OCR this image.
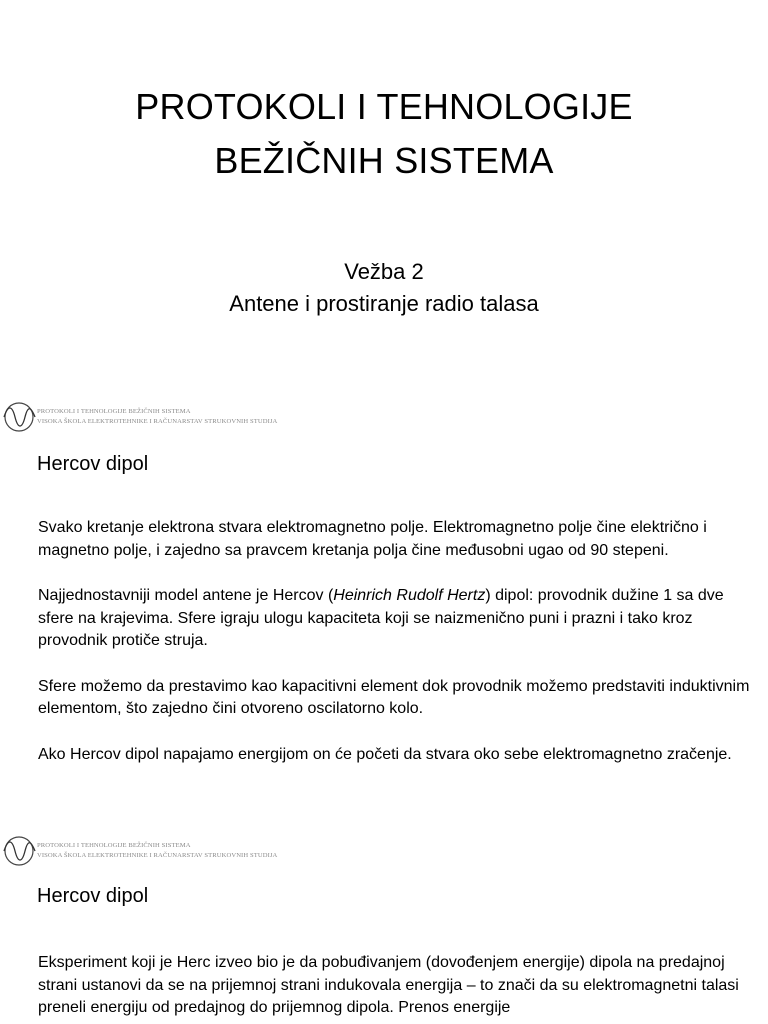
PROTOKOLI I TEHNOLOGIJE
BEŽIČNIH SISTEMA
Vežba 2
Antene i prostiranje radio talasa
PROTOKOLI I TEHNOLOGIJE BEŽIČNIH SISTEMA
VISOKA ŠKOLA ELEKTROTEHNIKE I RAČUNARSTAV STRUKOVNIH STUDIJA
Hercov dipol

Svako kretanje elektrona stvara elektromagnetno polje. Elektromagnetno polje čine električno i magnetno polje, i zajedno sa pravcem kretanja polja čine međusobni ugao od 90 stepeni.

Najjednostavniji model antene je Hercov (Heinrich Rudolf Hertz) dipol: provodnik dužine 1 sa dve sfere na krajevima. Sfere igraju ulogu kapaciteta koji se naizmenično puni i prazni i tako kroz provodnik protiče struja.

Sfere možemo da prestavimo kao kapacitivni element dok provodnik možemo predstaviti induktivnim elementom, što zajedno čini otvoreno oscilatorno kolo.

Ako Hercov dipol napajamo energijom on će početi da stvara oko sebe elektromagnetno zračenje.

PROTOKOLI I TEHNOLOGIJE BEŽIČNIH SISTEMA
VISOKA ŠKOLA ELEKTROTEHNIKE I RAČUNARSTAV STRUKOVNIH STUDIJA
Hercov dipol

Eksperiment koji je Herc izveo bio je da pobuđivanjem (dovođenjem energije) dipola na predajnoj strani ustanovi da se na prijemnoj strani indukovala energija – to znači da su elektromagnetni talasi preneli energiju od predajnog do prijemnog dipola. Prenos energije
